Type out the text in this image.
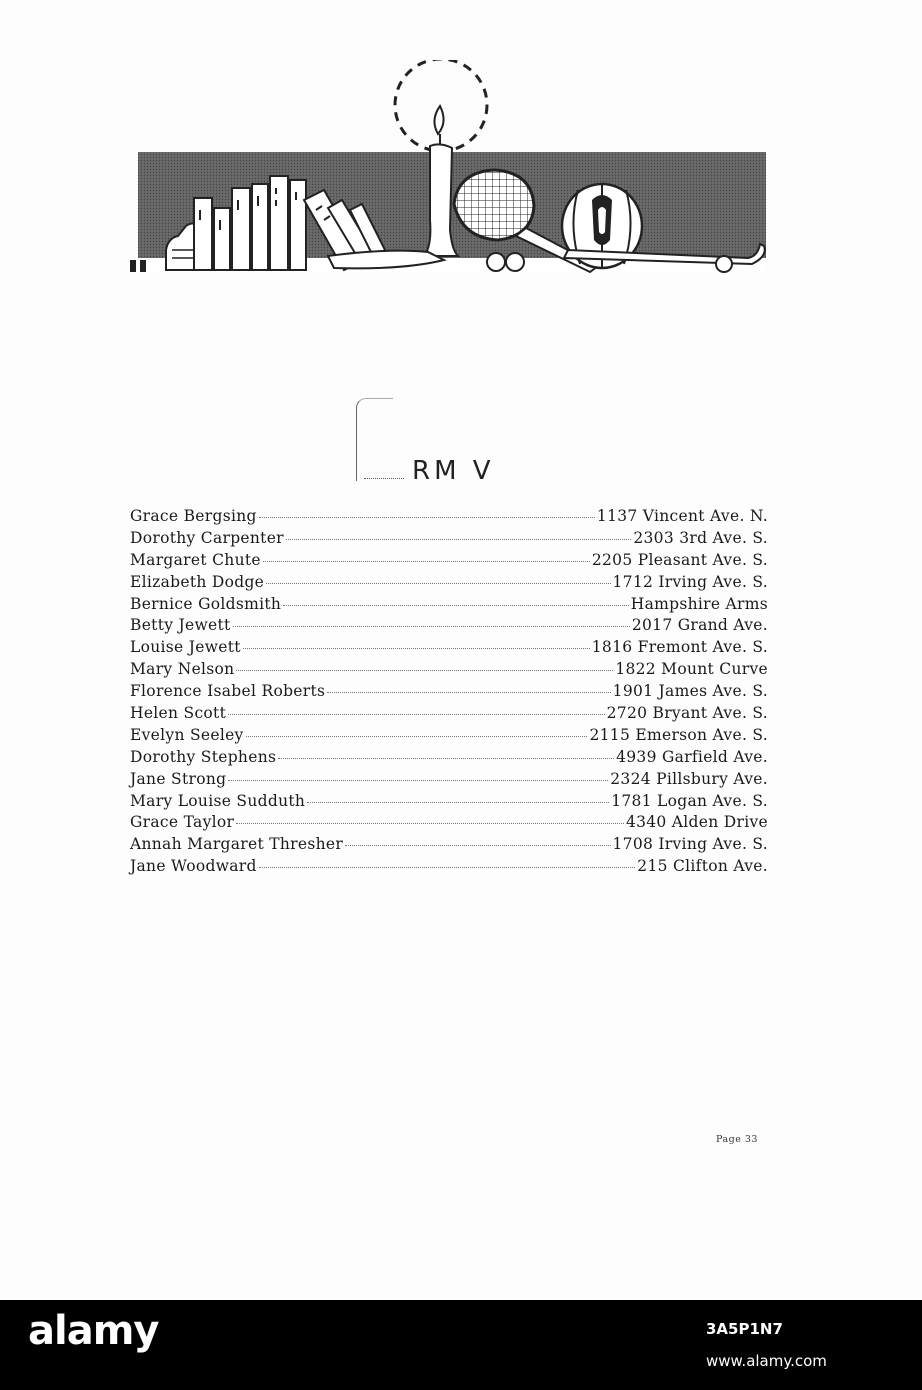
RM V
Grace Bergsing	1137 Vincent Ave. N.
Dorothy Carpenter	2303 3rd Ave. S.
Margaret Chute	2205 Pleasant Ave. S.
Elizabeth Dodge	1712 Irving Ave. S.
Bernice Goldsmith	Hampshire Arms
Betty Jewett	2017 Grand Ave.
Louise Jewett	1816 Fremont Ave. S.
Mary Nelson	1822 Mount Curve
Florence Isabel Roberts	1901 James Ave. S.
Helen Scott	2720 Bryant Ave. S.
Evelyn Seeley	2115 Emerson Ave. S.
Dorothy Stephens	4939 Garfield Ave.
Jane Strong	2324 Pillsbury Ave.
Mary Louise Sudduth	1781 Logan Ave. S.
Grace Taylor	4340 Alden Drive
Annah Margaret Thresher	1708 Irving Ave. S.
Jane Woodward	215 Clifton Ave.
Page 33
alamy	3A5P1N7
www.alamy.com
